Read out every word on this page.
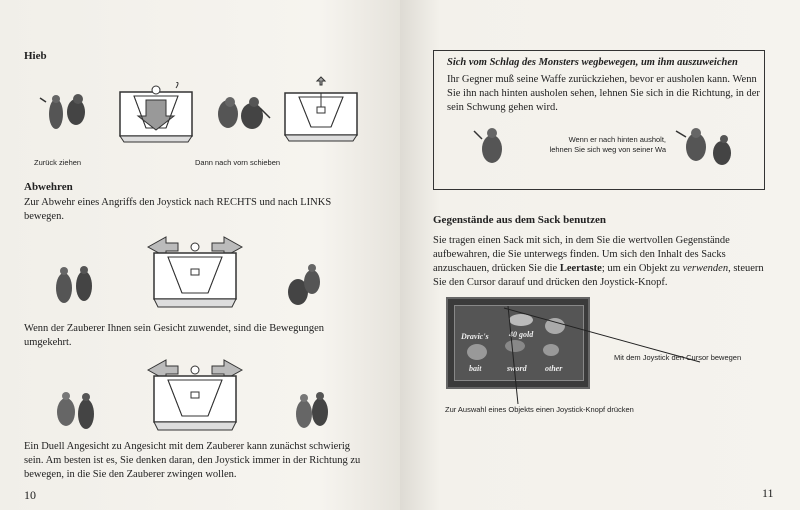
Hieb
Zurück ziehen	Dann nach vorn schieben
Abwehren
Zur Abwehr eines Angriffs den Joystick nach RECHTS und nach LINKS bewegen.
Wenn der Zauberer Ihnen sein Gesicht zuwendet, sind die Bewegungen umgekehrt.
Ein Duell Angesicht zu Angesicht mit dem Zauberer kann zunächst schwierig sein. Am besten ist es, Sie denken daran, den Joystick immer in der Richtung zu bewegen, in die Sie den Zauberer zwingen wollen.
10
Sich vom Schlag des Monsters wegbewegen, um ihm auszuweichen
Ihr Gegner muß seine Waffe zurückziehen, bevor er ausholen kann. Wenn Sie ihn nach hinten ausholen sehen, lehnen Sie sich in die Richtung, in der sein Schwung gehen wird.
Wenn er nach hinten ausholt,
lehnen Sie sich weg von seiner Wa
Gegenstände aus dem Sack benutzen
Sie tragen einen Sack mit sich, in dem Sie die wertvollen Gegenstände aufbewahren, die Sie unterwegs finden. Um sich den Inhalt des Sacks anzuschauen, drücken Sie die Leertaste; um ein Objekt zu verwenden, steuern Sie den Cursor darauf und drücken den Joystick-Knopf.
Dravic's	40 gold
bait	sword other
Mit dem Joystick den Cursor bewegen
Zur Auswahl eines Objekts einen Joystick-Knopf drücken
11
